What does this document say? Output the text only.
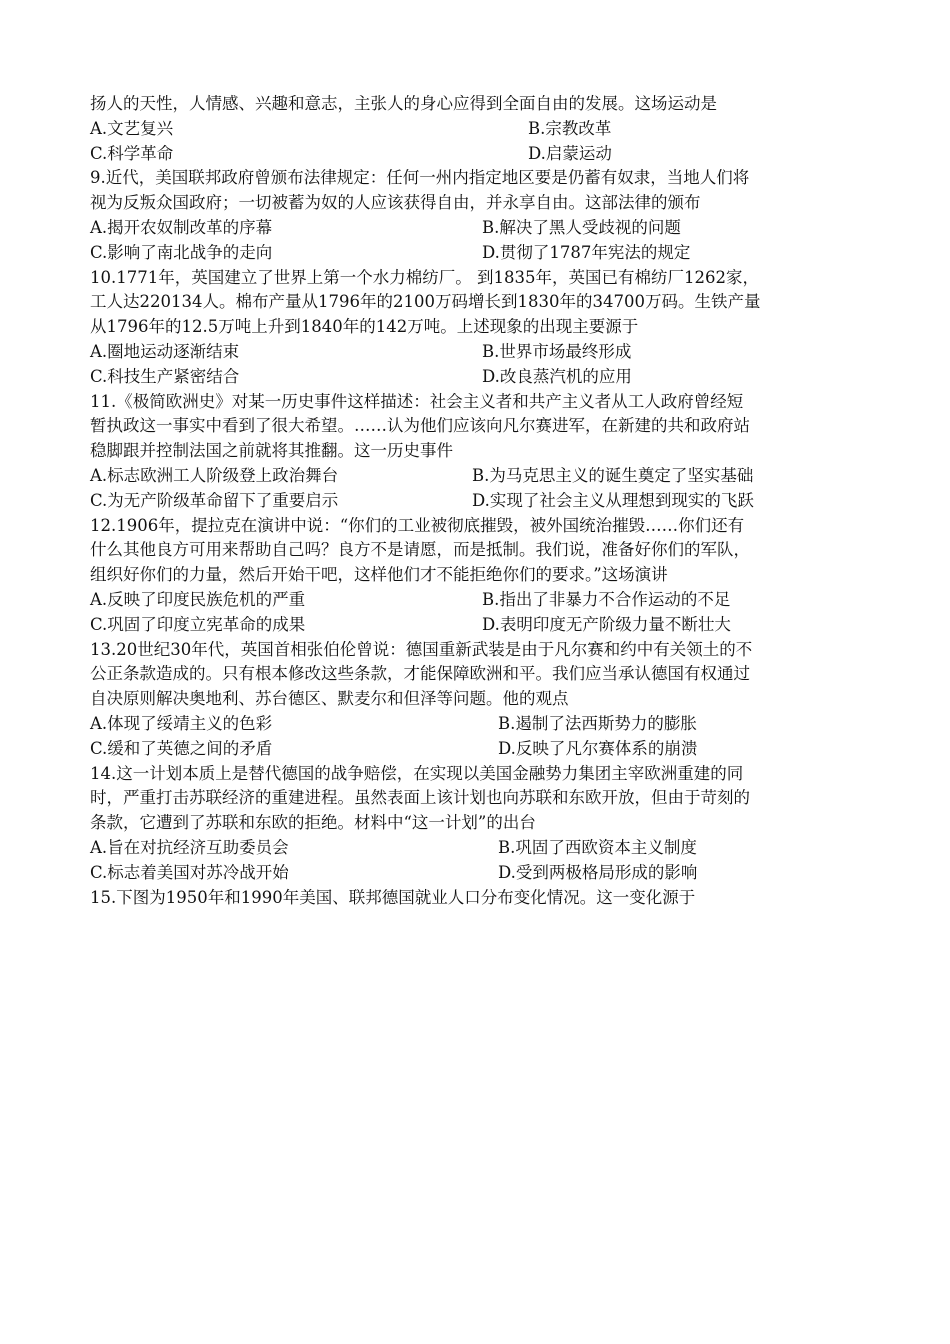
扬人的天性，人情感、兴趣和意志，主张人的身心应得到全面自由的发展。这场运动是
A.文艺复兴	B.宗教改革
C.科学革命	D.启蒙运动
9.近代，美国联邦政府曾颁布法律规定：任何一州内指定地区要是仍蓄有奴隶，当地人们将
视为反叛众国政府；一切被蓄为奴的人应该获得自由，并永享自由。这部法律的颁布
A.揭开农奴制改革的序幕	B.解决了黑人受歧视的问题
C.影响了南北战争的走向	D.贯彻了1787年宪法的规定
10.1771年，英国建立了世界上第一个水力棉纺厂。 到1835年，英国已有棉纺厂1262家，
工人达220134人。棉布产量从1796年的2100万码增长到1830年的34700万码。生铁产量
从1796年的12.5万吨上升到1840年的142万吨。上述现象的出现主要源于
A.圈地运动逐渐结束	B.世界市场最终形成
C.科技生产紧密结合	D.改良蒸汽机的应用
11.《极简欧洲史》对某一历史事件这样描述：社会主义者和共产主义者从工人政府曾经短
暂执政这一事实中看到了很大希望。……认为他们应该向凡尔赛进军，在新建的共和政府站
稳脚跟并控制法国之前就将其推翻。这一历史事件
A.标志欧洲工人阶级登上政治舞台	B.为马克思主义的诞生奠定了坚实基础
C.为无产阶级革命留下了重要启示	D.实现了社会主义从理想到现实的飞跃
12.1906年，提拉克在演讲中说：“你们的工业被彻底摧毁，被外国统治摧毁……你们还有
什么其他良方可用来帮助自己吗？良方不是请愿，而是抵制。我们说，准备好你们的军队，
组织好你们的力量，然后开始干吧，这样他们才不能拒绝你们的要求。”这场演讲
A.反映了印度民族危机的严重	B.指出了非暴力不合作运动的不足
C.巩固了印度立宪革命的成果	D.表明印度无产阶级力量不断壮大
13.20世纪30年代，英国首相张伯伦曾说：德国重新武装是由于凡尔赛和约中有关领土的不
公正条款造成的。只有根本修改这些条款，才能保障欧洲和平。我们应当承认德国有权通过
自决原则解决奥地利、苏台德区、默麦尔和但泽等问题。他的观点
A.体现了绥靖主义的色彩	B.遏制了法西斯势力的膨胀
C.缓和了英德之间的矛盾	D.反映了凡尔赛体系的崩溃
14.这一计划本质上是替代德国的战争赔偿，在实现以美国金融势力集团主宰欧洲重建的同
时，严重打击苏联经济的重建进程。虽然表面上该计划也向苏联和东欧开放，但由于苛刻的
条款，它遭到了苏联和东欧的拒绝。材料中“这一计划”的出台
A.旨在对抗经济互助委员会	B.巩固了西欧资本主义制度
C.标志着美国对苏冷战开始	D.受到两极格局形成的影响
15.下图为1950年和1990年美国、联邦德国就业人口分布变化情况。这一变化源于
